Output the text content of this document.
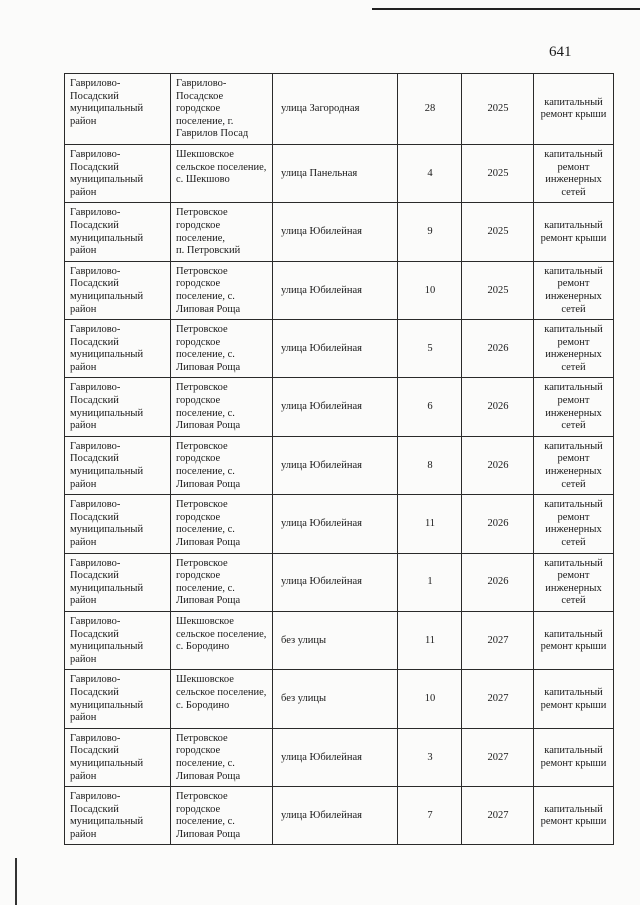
641
Гаврилово-
Посадский
муниципальный
район	Гаврилово-
Посадское
городское
поселение, г.
Гаврилов Посад	улица Загородная	28	2025	капитальный
ремонт крыши

Гаврилово-
Посадский
муниципальный
район	Шекшовское
сельское поселение,
с. Шекшово	улица Панельная	4	2025	капитальный
ремонт
инженерных
сетей

Гаврилово-
Посадский
муниципальный
район	Петровское
городское
поселение,
п. Петровский	улица Юбилейная	9	2025	капитальный
ремонт крыши

Гаврилово-
Посадский
муниципальный
район	Петровское
городское
поселение, с.
Липовая Роща	улица Юбилейная	10	2025	капитальный
ремонт
инженерных
сетей

Гаврилово-
Посадский
муниципальный
район	Петровское
городское
поселение, с.
Липовая Роща	улица Юбилейная	5	2026	капитальный
ремонт
инженерных
сетей

Гаврилово-
Посадский
муниципальный
район	Петровское
городское
поселение, с.
Липовая Роща	улица Юбилейная	6	2026	капитальный
ремонт
инженерных
сетей

Гаврилово-
Посадский
муниципальный
район	Петровское
городское
поселение, с.
Липовая Роща	улица Юбилейная	8	2026	капитальный
ремонт
инженерных
сетей

Гаврилово-
Посадский
муниципальный
район	Петровское
городское
поселение, с.
Липовая Роща	улица Юбилейная	11	2026	капитальный
ремонт
инженерных
сетей

Гаврилово-
Посадский
муниципальный
район	Петровское
городское
поселение, с.
Липовая Роща	улица Юбилейная	1	2026	капитальный
ремонт
инженерных
сетей

Гаврилово-
Посадский
муниципальный
район	Шекшовское
сельское поселение,
с. Бородино	без улицы	11	2027	капитальный
ремонт крыши

Гаврилово-
Посадский
муниципальный
район	Шекшовское
сельское поселение,
с. Бородино	без улицы	10	2027	капитальный
ремонт крыши

Гаврилово-
Посадский
муниципальный
район	Петровское
городское
поселение, с.
Липовая Роща	улица Юбилейная	3	2027	капитальный
ремонт крыши

Гаврилово-
Посадский
муниципальный
район	Петровское
городское
поселение, с.
Липовая Роща	улица Юбилейная	7	2027	капитальный
ремонт крыши
